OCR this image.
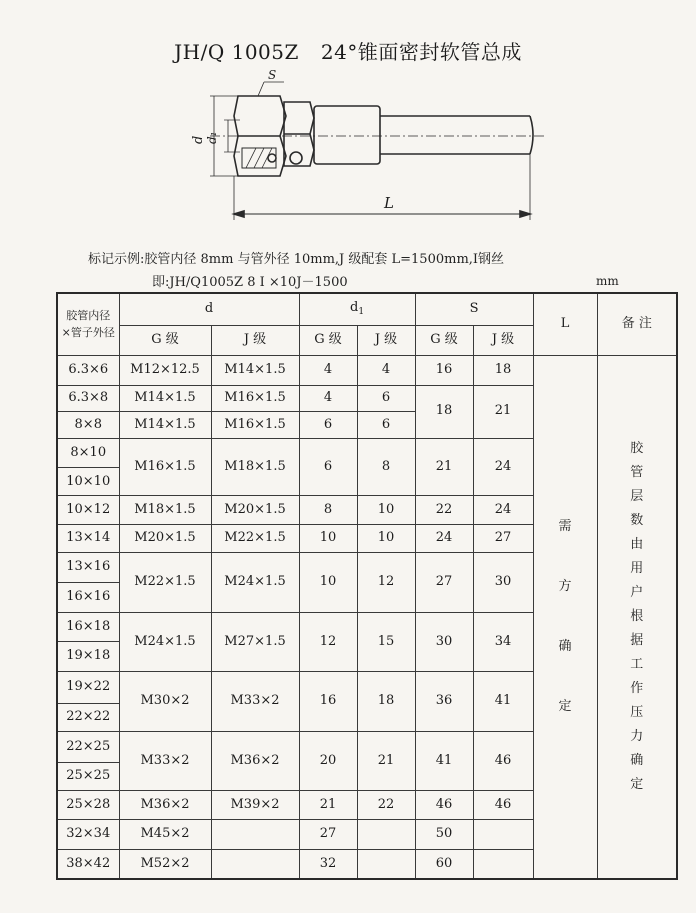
JH/Q 1005Z 24°锥面密封软管总成
S
d d₁
L
标记示例:胶管内径 8mm 与管外径 10mm,J 级配套 L=1500mm,Ⅰ钢丝
即:JH/Q1005Z 8 Ⅰ ×10J－1500	mm
胶管内径
×管子外径	d		$d_1$		S		L	备 注
	G 级	J 级	G 级	J 级	G 级	J 级		
6.3×6	M12×12.5	M14×1.5	4	4	16	18	需方确定	胶管层数由用户根据工作压力确定
6.3×8	M14×1.5	M16×1.5	4	6	18	21		
8×8	M14×1.5	M16×1.5	6	6				
8×10	M16×1.5	M18×1.5	6	8	21	24		
10×10								
10×12	M18×1.5	M20×1.5	8	10	22	24		
13×14	M20×1.5	M22×1.5	10	10	24	27		
13×16	M22×1.5	M24×1.5	10	12	27	30		
16×16								
16×18	M24×1.5	M27×1.5	12	15	30	34		
19×18								
19×22	M30×2	M33×2	16	18	36	41		
22×22								
22×25	M33×2	M36×2	20	21	41	46		
25×25								
25×28	M36×2	M39×2	21	22	46	46		
32×34	M45×2		27		50			
38×42	M52×2		32		60			
